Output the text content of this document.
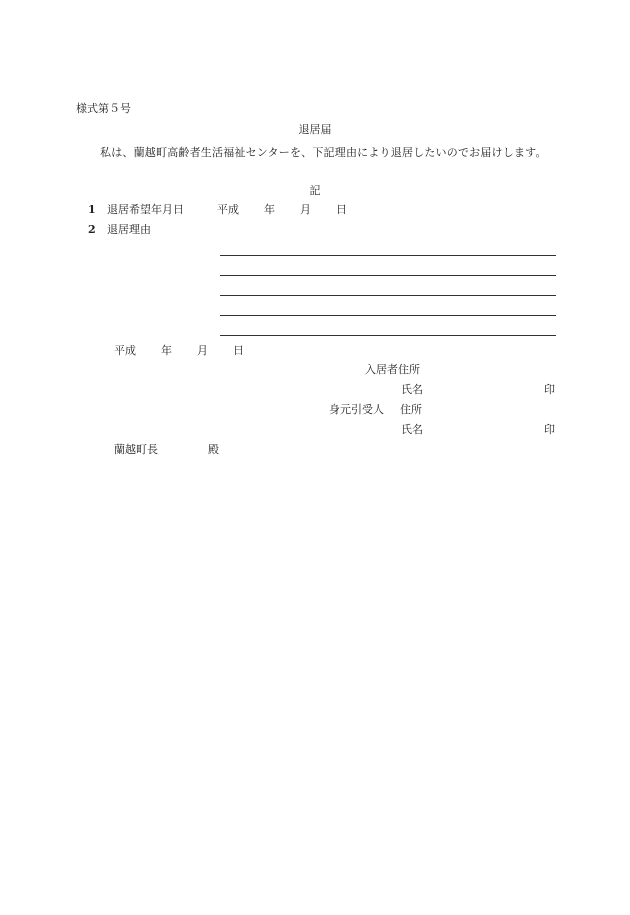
様式第５号
退居届
私は、蘭越町高齢者生活福祉センターを、下記理由により退居したいのでお届けします。
記
1 退居希望年月日	平成 年 月 日
2 退居理由
平成 年 月 日
入居者住所
氏名	印
身元引受人 住所
氏名	印
蘭越町長	殿
